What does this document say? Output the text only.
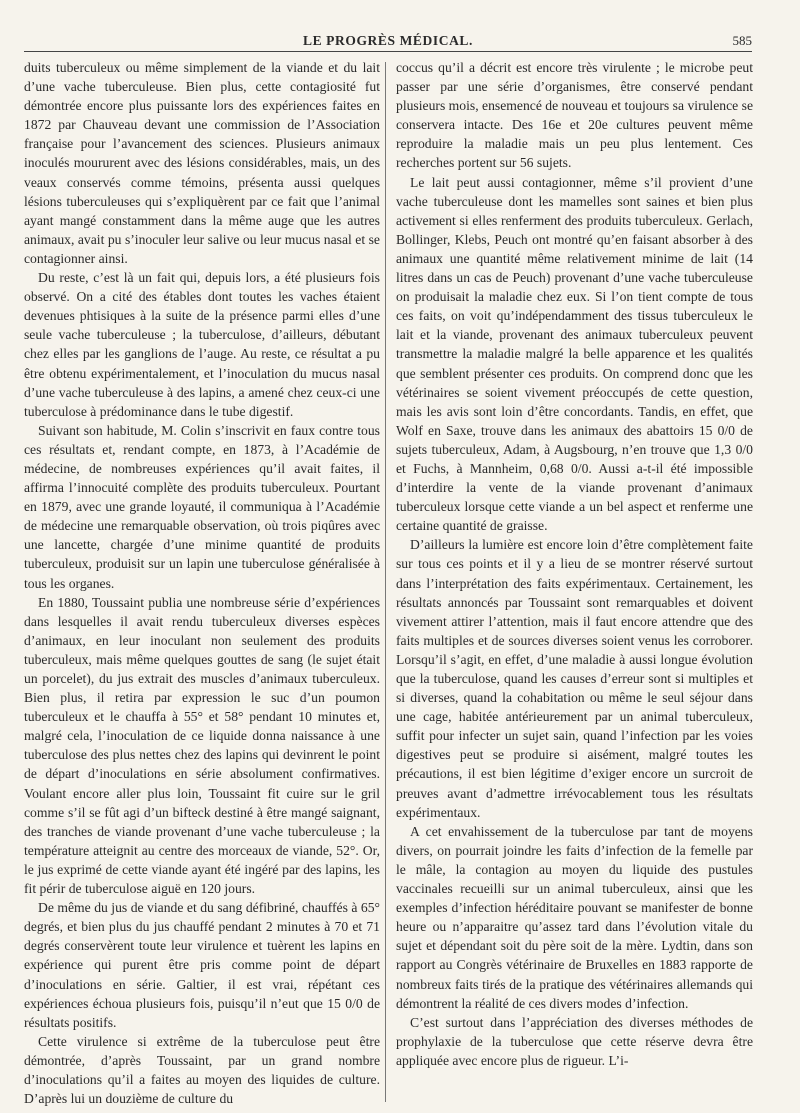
LE PROGRÈS MÉDICAL.	585

duits tuberculeux ou même simplement de la viande et du lait d’une vache tuberculeuse. Bien plus, cette contagiosité fut démontrée encore plus puissante lors des expériences faites en 1872 par Chauveau devant une commission de l’Association française pour l’avancement des sciences. Plusieurs animaux inoculés moururent avec des lésions considérables, mais, un des veaux conservés comme témoins, présenta aussi quelques lésions tuberculeuses qui s’expliquèrent par ce fait que l’animal ayant mangé constamment dans la même auge que les autres animaux, avait pu s’inoculer leur salive ou leur mucus nasal et se contagionner ainsi.

Du reste, c’est là un fait qui, depuis lors, a été plusieurs fois observé. On a cité des étables dont toutes les vaches étaient devenues phtisiques à la suite de la présence parmi elles d’une seule vache tuberculeuse ; la tuberculose, d’ailleurs, débutant chez elles par les ganglions de l’auge. Au reste, ce résultat a pu être obtenu expérimentalement, et l’inoculation du mucus nasal d’une vache tuberculeuse à des lapins, a amené chez ceux-ci une tuberculose à prédominance dans le tube digestif.

Suivant son habitude, M. Colin s’inscrivit en faux contre tous ces résultats et, rendant compte, en 1873, à l’Académie de médecine, de nombreuses expériences qu’il avait faites, il affirma l’innocuité complète des produits tuberculeux. Pourtant en 1879, avec une grande loyauté, il communiqua à l’Académie de médecine une remarquable observation, où trois piqûres avec une lancette, chargée d’une minime quantité de produits tuberculeux, produisit sur un lapin une tuberculose généralisée à tous les organes.

En 1880, Toussaint publia une nombreuse série d’expériences dans lesquelles il avait rendu tuberculeux diverses espèces d’animaux, en leur inoculant non seulement des produits tuberculeux, mais même quelques gouttes de sang (le sujet était un porcelet), du jus extrait des muscles d’animaux tuberculeux. Bien plus, il retira par expression le suc d’un poumon tuberculeux et le chauffa à 55° et 58° pendant 10 minutes et, malgré cela, l’inoculation de ce liquide donna naissance à une tuberculose des plus nettes chez des lapins qui devinrent le point de départ d’inoculations en série absolument confirmatives. Voulant encore aller plus loin, Toussaint fit cuire sur le gril comme s’il se fût agi d’un bifteck destiné à être mangé saignant, des tranches de viande provenant d’une vache tuberculeuse ; la température atteignit au centre des morceaux de viande, 52°. Or, le jus exprimé de cette viande ayant été ingéré par des lapins, les fit périr de tuberculose aiguë en 120 jours.

De même du jus de viande et du sang défibriné, chauffés à 65° degrés, et bien plus du jus chauffé pendant 2 minutes à 70 et 71 degrés conservèrent toute leur virulence et tuèrent les lapins en expérience qui purent être pris comme point de départ d’inoculations en série. Galtier, il est vrai, répétant ces expériences échoua plusieurs fois, puisqu’il n’eut que 15 0/0 de résultats positifs.

Cette virulence si extrême de la tuberculose peut être démontrée, d’après Toussaint, par un grand nombre d’inoculations qu’il a faites au moyen des liquides de culture. D’après lui un douzième de culture du

coccus qu’il a décrit est encore très virulente ; le microbe peut passer par une série d’organismes, être conservé pendant plusieurs mois, ensemencé de nouveau et toujours sa virulence se conservera intacte. Des 16e et 20e cultures peuvent même reproduire la maladie mais un peu plus lentement. Ces recherches portent sur 56 sujets.

Le lait peut aussi contagionner, même s’il provient d’une vache tuberculeuse dont les mamelles sont saines et bien plus activement si elles renferment des produits tuberculeux. Gerlach, Bollinger, Klebs, Peuch ont montré qu’en faisant absorber à des animaux une quantité même relativement minime de lait (14 litres dans un cas de Peuch) provenant d’une vache tuberculeuse on produisait la maladie chez eux. Si l’on tient compte de tous ces faits, on voit qu’indépendamment des tissus tuberculeux le lait et la viande, provenant des animaux tuberculeux peuvent transmettre la maladie malgré la belle apparence et les qualités que semblent présenter ces produits. On comprend donc que les vétérinaires se soient vivement préoccupés de cette question, mais les avis sont loin d’être concordants. Tandis, en effet, que Wolf en Saxe, trouve dans les animaux des abattoirs 15 0/0 de sujets tuberculeux, Adam, à Augsbourg, n’en trouve que 1,3 0/0 et Fuchs, à Mannheim, 0,68 0/0. Aussi a-t-il été impossible d’interdire la vente de la viande provenant d’animaux tuberculeux lorsque cette viande a un bel aspect et renferme une certaine quantité de graisse.

D’ailleurs la lumière est encore loin d’être complètement faite sur tous ces points et il y a lieu de se montrer réservé surtout dans l’interprétation des faits expérimentaux. Certainement, les résultats annoncés par Toussaint sont remarquables et doivent vivement attirer l’attention, mais il faut encore attendre que des faits multiples et de sources diverses soient venus les corroborer. Lorsqu’il s’agit, en effet, d’une maladie à aussi longue évolution que la tuberculose, quand les causes d’erreur sont si multiples et si diverses, quand la cohabitation ou même le seul séjour dans une cage, habitée antérieurement par un animal tuberculeux, suffit pour infecter un sujet sain, quand l’infection par les voies digestives peut se produire si aisément, malgré toutes les précautions, il est bien légitime d’exiger encore un surcroit de preuves avant d’admettre irrévocablement tous les résultats expérimentaux.

A cet envahissement de la tuberculose par tant de moyens divers, on pourrait joindre les faits d’infection de la femelle par le mâle, la contagion au moyen du liquide des pustules vaccinales recueilli sur un animal tuberculeux, ainsi que les exemples d’infection héréditaire pouvant se manifester de bonne heure ou n’apparaitre qu’assez tard dans l’évolution vitale du sujet et dépendant soit du père soit de la mère. Lydtin, dans son rapport au Congrès vétérinaire de Bruxelles en 1883 rapporte de nombreux faits tirés de la pratique des vétérinaires allemands qui démontrent la réalité de ces divers modes d’infection.

C’est surtout dans l’appréciation des diverses méthodes de prophylaxie de la tuberculose que cette réserve devra être appliquée avec encore plus de rigueur. L’i-
